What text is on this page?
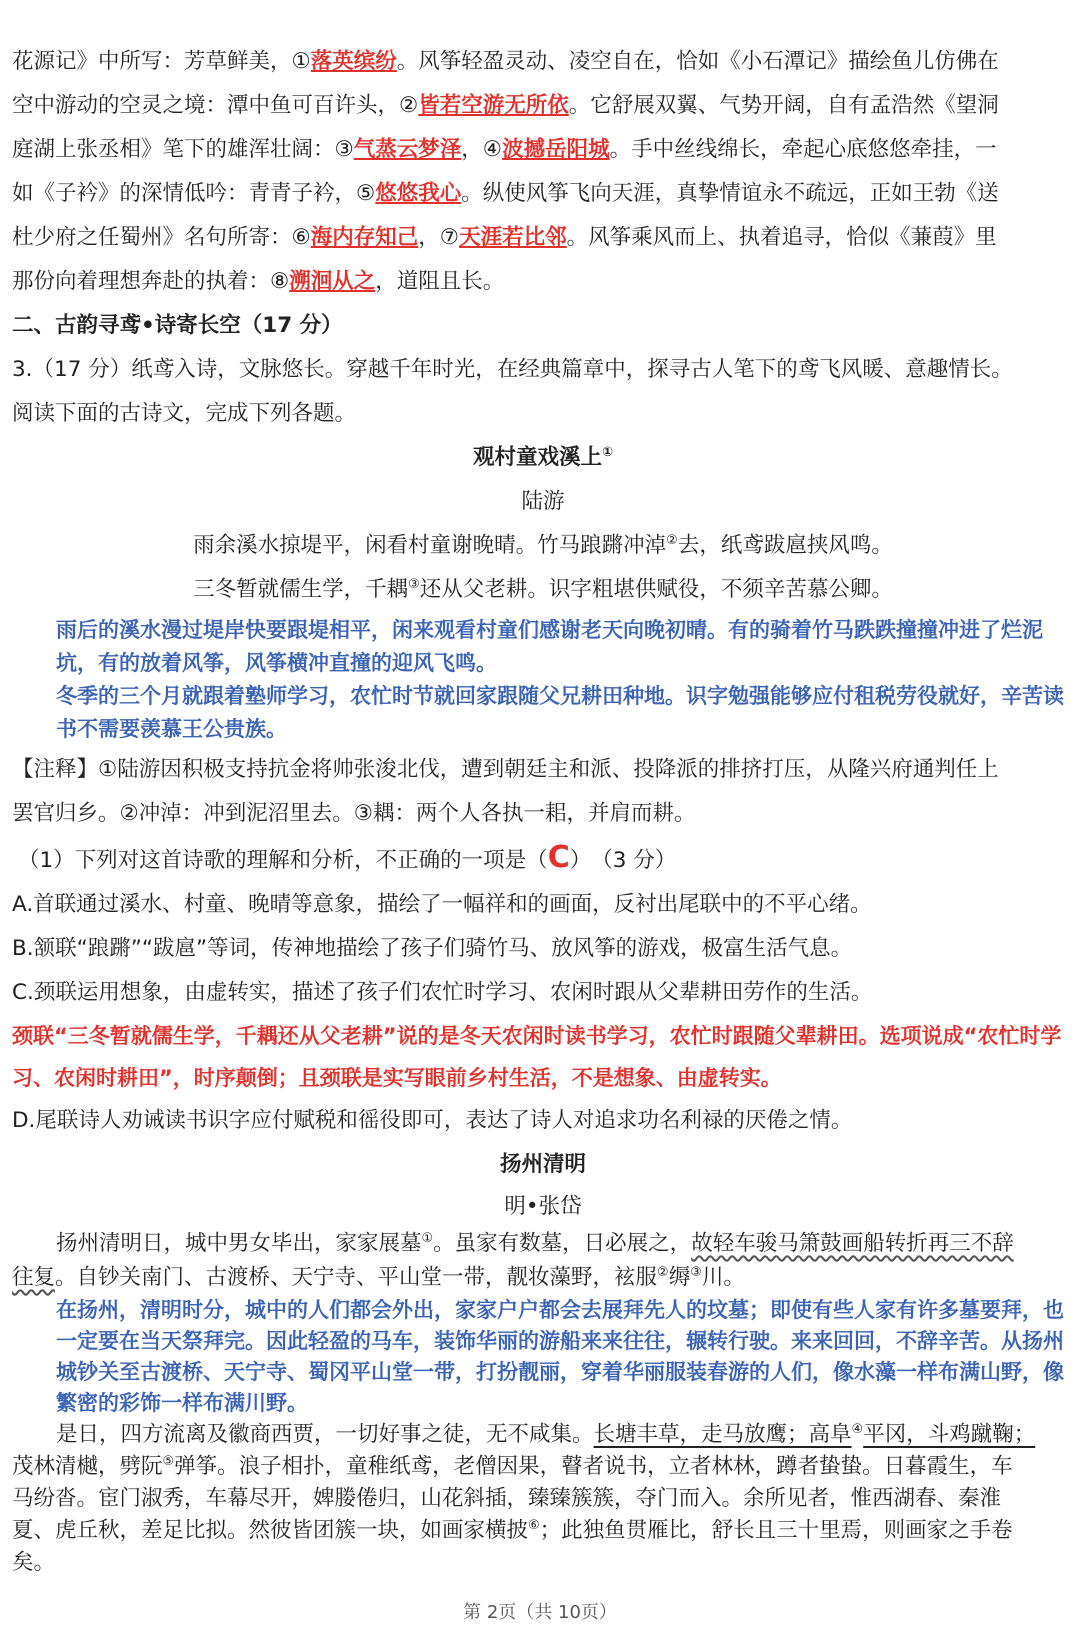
花源记》中所写：芳草鲜美，①落英缤纷。风筝轻盈灵动、凌空自在，恰如《小石潭记》描绘鱼儿仿佛在

空中游动的空灵之境：潭中鱼可百许头，②皆若空游无所依。它舒展双翼、气势开阔，自有孟浩然《望洞

庭湖上张丞相》笔下的雄浑壮阔：③气蒸云梦泽，④波撼岳阳城。手中丝线绵长，牵起心底悠悠牵挂，一

如《子衿》的深情低吟：青青子衿，⑤悠悠我心。纵使风筝飞向天涯，真挚情谊永不疏远，正如王勃《送

杜少府之任蜀州》名句所寄：⑥海内存知己，⑦天涯若比邻。风筝乘风而上、执着追寻，恰似《蒹葭》里

那份向着理想奔赴的执着：⑧溯洄从之，道阻且长。

二、古韵寻鸢•诗寄长空（17 分）

3.（17 分）纸鸢入诗，文脉悠长。穿越千年时光，在经典篇章中，探寻古人笔下的鸢飞风暖、意趣情长。

阅读下面的古诗文，完成下列各题。

观村童戏溪上①

陆游

雨余溪水掠堤平，闲看村童谢晚晴。竹马踉蹡冲淖②去，纸鸢跋扈挟风鸣。

三冬暂就儒生学，千耦③还从父老耕。识字粗堪供赋役，不须辛苦慕公卿。

雨后的溪水漫过堤岸快要跟堤相平，闲来观看村童们感谢老天向晚初晴。有的骑着竹马跌跌撞撞冲进了烂泥坑，有的放着风筝，风筝横冲直撞的迎风飞鸣。

冬季的三个月就跟着塾师学习，农忙时节就回家跟随父兄耕田种地。识字勉强能够应付租税劳役就好，辛苦读书不需要羡慕王公贵族。

【注释】①陆游因积极支持抗金将帅张浚北伐，遭到朝廷主和派、投降派的排挤打压，从隆兴府通判任上

罢官归乡。②冲淖：冲到泥沼里去。③耦：两个人各执一耜，并肩而耕。

（1）下列对这首诗歌的理解和分析，不正确的一项是（C）　（3 分）

A.首联通过溪水、村童、晚晴等意象，描绘了一幅祥和的画面，反衬出尾联中的不平心绪。

B.颔联“踉蹡”“跋扈”等词，传神地描绘了孩子们骑竹马、放风筝的游戏，极富生活气息。

C.颈联运用想象，由虚转实，描述了孩子们农忙时学习、农闲时跟从父辈耕田劳作的生活。

颈联“三冬暂就儒生学，千耦还从父老耕”说的是冬天农闲时读书学习，农忙时跟随父辈耕田。选项说成“农忙时学习、农闲时耕田”，时序颠倒；且颈联是实写眼前乡村生活，不是想象、由虚转实。

D.尾联诗人劝诫读书识字应付赋税和徭役即可，表达了诗人对追求功名利禄的厌倦之情。

扬州清明

明•张岱

扬州清明日，城中男女毕出，家家展墓①。虽家有数墓，日必展之，故轻车骏马箫鼓画船转折再三不辞

往复。自钞关南门、古渡桥、天宁寺、平山堂一带，靓妆藻野，袨服②缛③川。

在扬州，清明时分，城中的人们都会外出，家家户户都会去展拜先人的坟墓；即使有些人家有许多墓要拜，也一定要在当天祭拜完。因此轻盈的马车，装饰华丽的游船来来往往，辗转行驶。来来回回，不辞辛苦。从扬州城钞关至古渡桥、天宁寺、蜀冈平山堂一带，打扮靓丽，穿着华丽服装春游的人们，像水藻一样布满山野，像繁密的彩饰一样布满川野。

是日，四方流离及徽商西贾，一切好事之徒，无不咸集。长塘丰草，走马放鹰；高阜④平冈，斗鸡蹴鞠；

茂林清樾，劈阮⑤弹筝。浪子相扑，童稚纸鸢，老僧因果，瞽者说书，立者林林，蹲者蛰蛰。日暮霞生，车

马纷沓。宦门淑秀，车幕尽开，婢媵倦归，山花斜插，臻臻簇簇，夺门而入。余所见者，惟西湖春、秦淮

夏、虎丘秋，差足比拟。然彼皆团簇一块，如画家横披⑥；此独鱼贯雁比，舒长且三十里焉，则画家之手卷

矣。

第 2页（共 10页）
